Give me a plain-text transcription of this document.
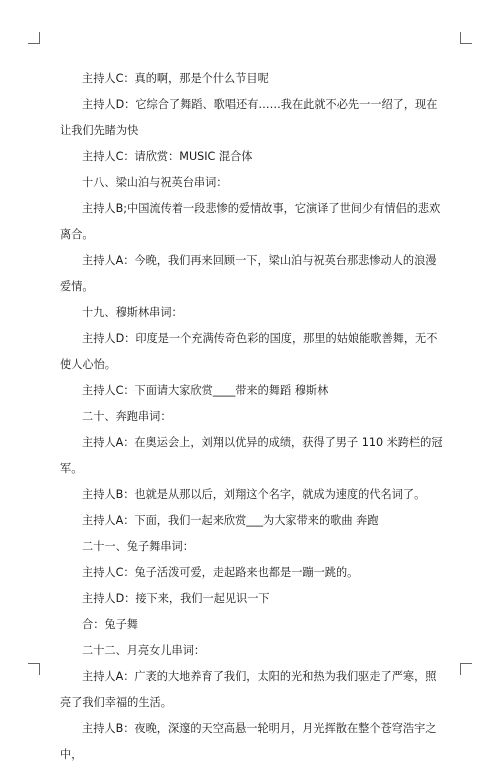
主持人C：真的啊，那是个什么节目呢

主持人D：它综合了舞蹈、歌唱还有……我在此就不必先一一绍了，现在让我们先睹为快

主持人C：请欣赏：MUSIC 混合体

十八、梁山泊与祝英台串词：

主持人B;中国流传着一段悲惨的爱情故事，它演译了世间少有情侣的悲欢离合。

主持人A：今晚，我们再来回顾一下，梁山泊与祝英台那悲惨动人的浪漫爱情。

十九、穆斯林串词：

主持人D：印度是一个充满传奇色彩的国度，那里的姑娘能歌善舞，无不使人心怡。

主持人C：下面请大家欣赏____带来的舞蹈 穆斯林

二十、奔跑串词：

主持人A：在奥运会上，刘翔以优异的成绩，获得了男子 110 米跨栏的冠军。

主持人B：也就是从那以后，刘翔这个名字，就成为速度的代名词了。

主持人A：下面，我们一起来欣赏___为大家带来的歌曲 奔跑

二十一、兔子舞串词：

主持人C：兔子活泼可爱，走起路来也都是一蹦一跳的。

主持人D：接下来，我们一起见识一下

合：兔子舞

二十二、月亮女儿串词：

主持人A：广袤的大地养育了我们，太阳的光和热为我们驱走了严寒，照亮了我们幸福的生活。

主持人B：夜晚，深邃的天空高悬一轮明月，月光挥散在整个苍穹浩宇之中，
